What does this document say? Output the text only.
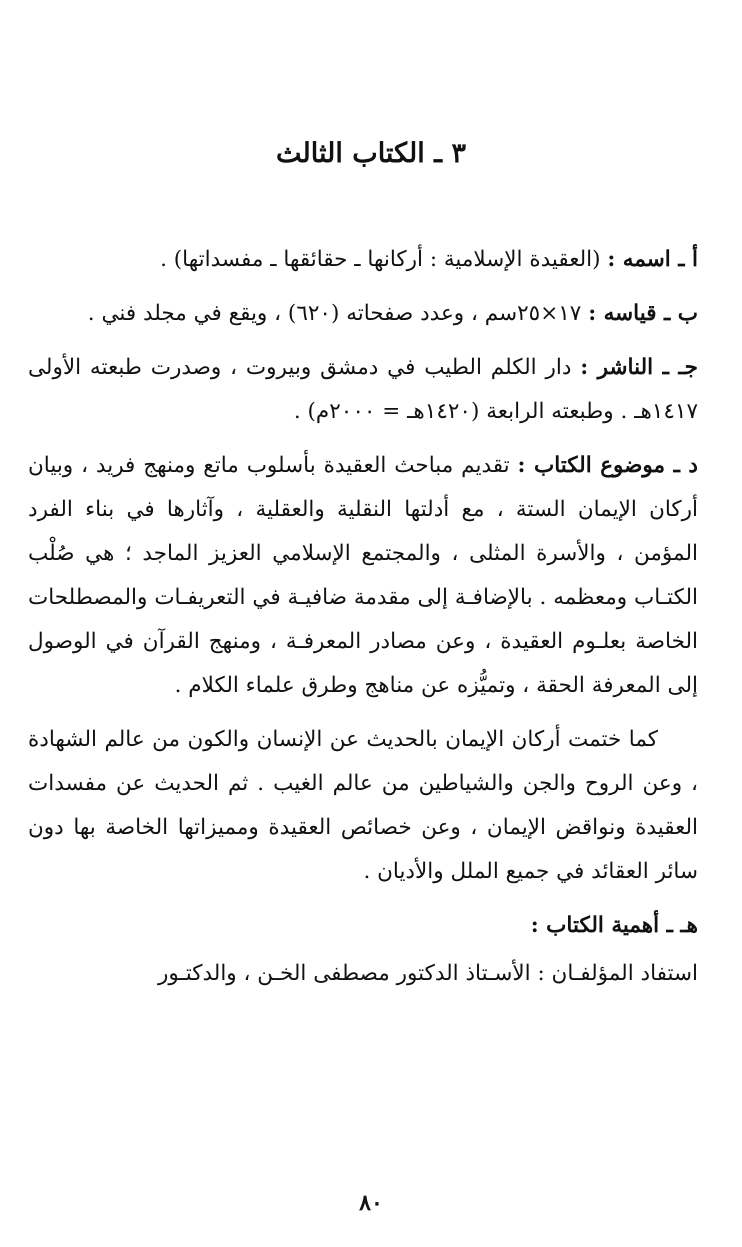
٣ ـ الكتاب الثالث

أ ـ اسمه : (العقيدة الإسلامية : أركانها ـ حقائقها ـ مفسداتها) .

ب ـ قياسه : ١٧×٢٥سم ، وعدد صفحاته (٦٢٠) ، ويقع في مجلد فني .

جـ ـ الناشر : دار الكلم الطيب في دمشق وبيروت ، وصدرت طبعته الأولى ١٤١٧هـ . وطبعته الرابعة (١٤٢٠هـ = ٢٠٠٠م) .

د ـ موضوع الكتاب : تقديم مباحث العقيدة بأسلوب ماتع ومنهج فريد ، وبيان أركان الإيمان الستة ، مع أدلتها النقلية والعقلية ، وآثارها في بناء الفرد المؤمن ، والأسرة المثلى ، والمجتمع الإسلامي العزيز الماجد ؛ هي صُلْب الكتـاب ومعظمه . بالإضافـة إلى مقدمة ضافيـة في التعريفـات والمصطلحات الخاصة بعلـوم العقيدة ، وعن مصادر المعرفـة ، ومنهج القرآن في الوصول إلى المعرفة الحقة ، وتميُّزه عن مناهج وطرق علماء الكلام .

كما ختمت أركان الإيمان بالحديث عن الإنسان والكون من عالم الشهادة ، وعن الروح والجن والشياطين من عالم الغيب . ثم الحديث عن مفسدات العقيدة ونواقض الإيمان ، وعن خصائص العقيدة ومميزاتها الخاصة بها دون سائر العقائد في جميع الملل والأديان .

هـ ـ أهمية الكتاب :

استفاد المؤلفـان : الأسـتاذ الدكتور مصطفى الخـن ، والدكتـور

٨٠
